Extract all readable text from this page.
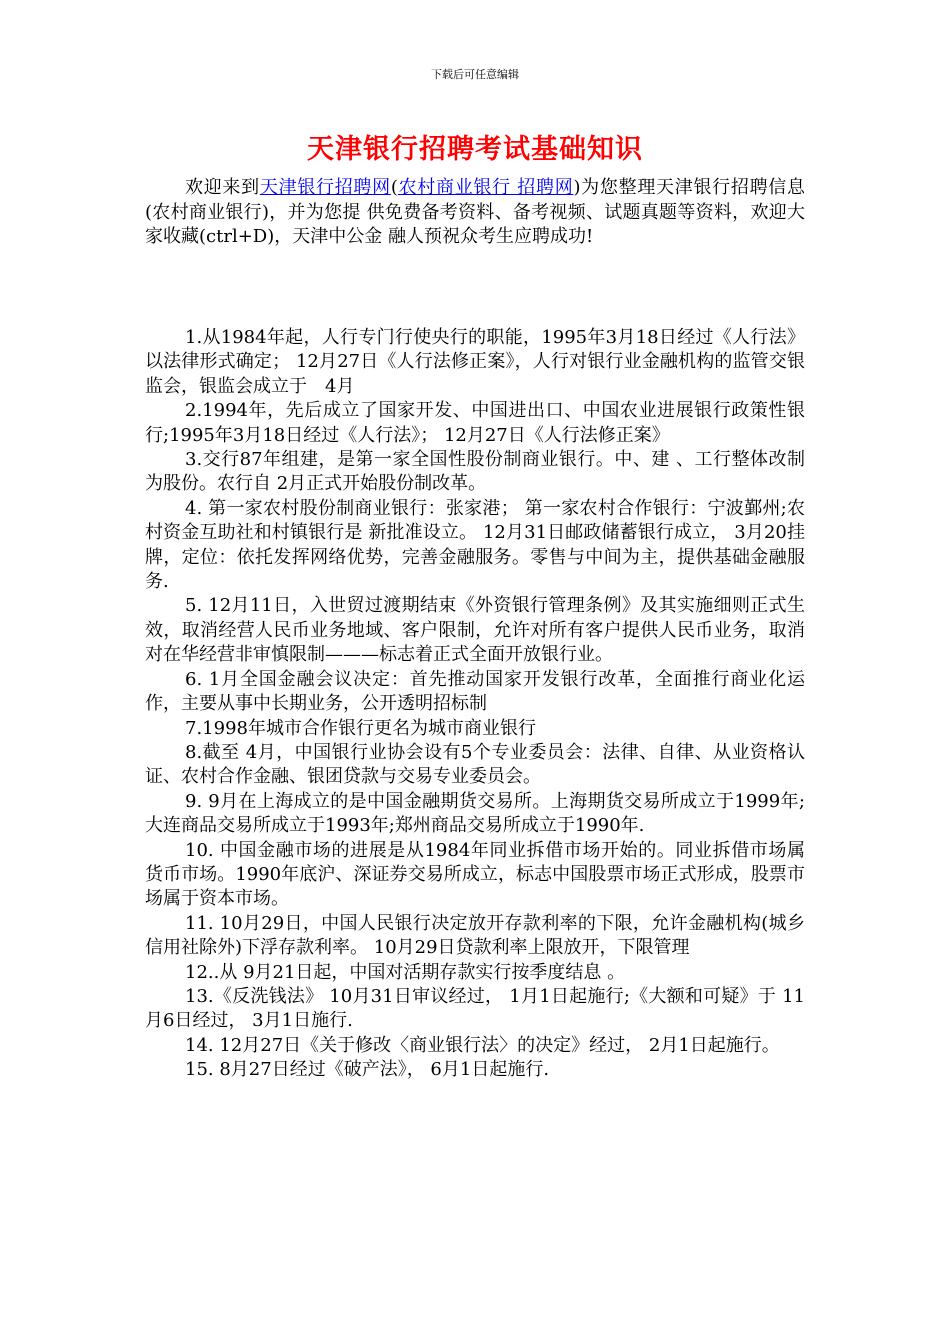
下载后可任意编辑
天津银行招聘考试基础知识

欢迎来到天津银行招聘网(农村商业银行 招聘网)为您整理天津银行招聘信息(农村商业银行)，并为您提 供免费备考资料、备考视频、试题真题等资料，欢迎大家收藏(ctrl+D)，天津中公金 融人预祝众考生应聘成功!

1.从1984年起，人行专门行使央行的职能，1995年3月18日经过《人行法》以法律形式确定； 12月27日《人行法修正案》，人行对银行业金融机构的监管交银监会，银监会成立于　4月

2.1994年，先后成立了国家开发、中国进出口、中国农业进展银行政策性银行;1995年3月18日经过《人行法》； 12月27日《人行法修正案》

3.交行87年组建，是第一家全国性股份制商业银行。中、建 、工行整体改制为股份。农行自 2月正式开始股份制改革。

4. 第一家农村股份制商业银行：张家港； 第一家农村合作银行：宁波鄞州;农村资金互助社和村镇银行是 新批准设立。 12月31日邮政储蓄银行成立， 3月20挂牌，定位：依托发挥网络优势，完善金融服务。零售与中间为主，提供基础金融服务.

5. 12月11日，入世贸过渡期结束《外资银行管理条例》及其实施细则正式生效，取消经营人民币业务地域、客户限制，允许对所有客户提供人民币业务，取消对在华经营非审慎限制———标志着正式全面开放银行业。

6. 1月全国金融会议决定：首先推动国家开发银行改革，全面推行商业化运作，主要从事中长期业务，公开透明招标制

7.1998年城市合作银行更名为城市商业银行

8.截至 4月，中国银行业协会设有5个专业委员会：法律、自律、从业资格认证、农村合作金融、银团贷款与交易专业委员会。

9. 9月在上海成立的是中国金融期货交易所。上海期货交易所成立于1999年;大连商品交易所成立于1993年;郑州商品交易所成立于1990年.

10. 中国金融市场的进展是从1984年同业拆借市场开始的。同业拆借市场属货币市场。1990年底沪、深证券交易所成立，标志中国股票市场正式形成，股票市场属于资本市场。

11. 10月29日，中国人民银行决定放开存款利率的下限，允许金融机构(城乡信用社除外)下浮存款利率。 10月29日贷款利率上限放开，下限管理

12..从 9月21日起，中国对活期存款实行按季度结息 。

13.《反洗钱法》 10月31日审议经过， 1月1日起施行;《大额和可疑》于 11月6日经过， 3月1日施行.

14. 12月27日《关于修改〈商业银行法〉的决定》经过， 2月1日起施行。

15. 8月27日经过《破产法》， 6月1日起施行.
